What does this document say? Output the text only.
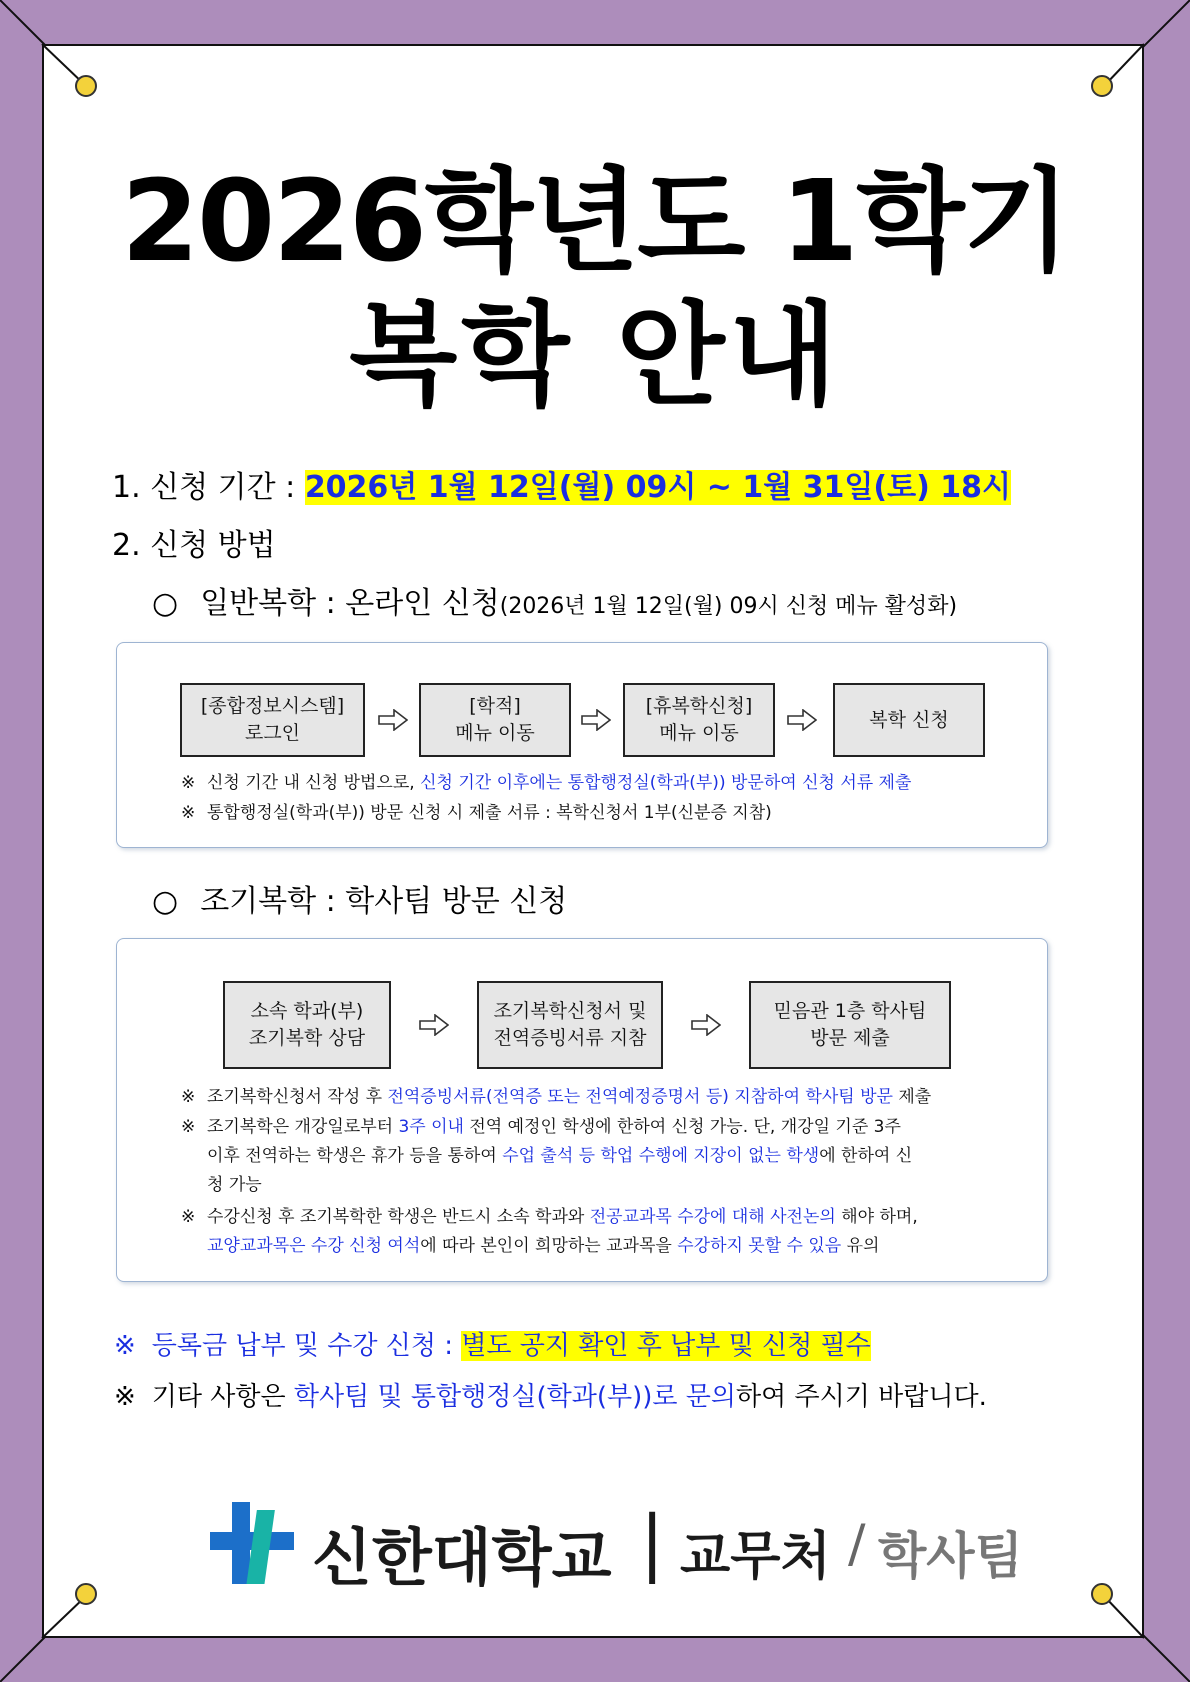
2026학년도 1학기
복학 안내
1. 신청 기간 : 2026년 1월 12일(월) 09시 ~ 1월 31일(토) 18시
2. 신청 방법
○ 일반복학 : 온라인 신청(2026년 1월 12일(월) 09시 신청 메뉴 활성화)
[종합정보시스템]
로그인
[학적]
메뉴 이동
[휴복학신청]
메뉴 이동
복학 신청
※ 신청 기간 내 신청 방법으로, 신청 기간 이후에는 통합행정실(학과(부)) 방문하여 신청 서류 제출
※ 통합행정실(학과(부)) 방문 신청 시 제출 서류 : 복학신청서 1부(신분증 지참)
○ 조기복학 : 학사팀 방문 신청
소속 학과(부)
조기복학 상담
조기복학신청서 및
전역증빙서류 지참
믿음관 1층 학사팀
방문 제출
※ 조기복학신청서 작성 후 전역증빙서류(전역증 또는 전역예정증명서 등) 지참하여 학사팀 방문 제출
※ 조기복학은 개강일로부터 3주 이내 전역 예정인 학생에 한하여 신청 가능. 단, 개강일 기준 3주
이후 전역하는 학생은 휴가 등을 통하여 수업 출석 등 학업 수행에 지장이 없는 학생에 한하여 신
청 가능
※ 수강신청 후 조기복학한 학생은 반드시 소속 학과와 전공교과목 수강에 대해 사전논의 해야 하며,
교양교과목은 수강 신청 여석에 따라 본인이 희망하는 교과목을 수강하지 못할 수 있음 유의
※ 등록금 납부 및 수강 신청 : 별도 공지 확인 후 납부 및 신청 필수
※ 기타 사항은 학사팀 및 통합행정실(학과(부))로 문의하여 주시기 바랍니다.
신한대학교 | 교무처 / 학사팀
